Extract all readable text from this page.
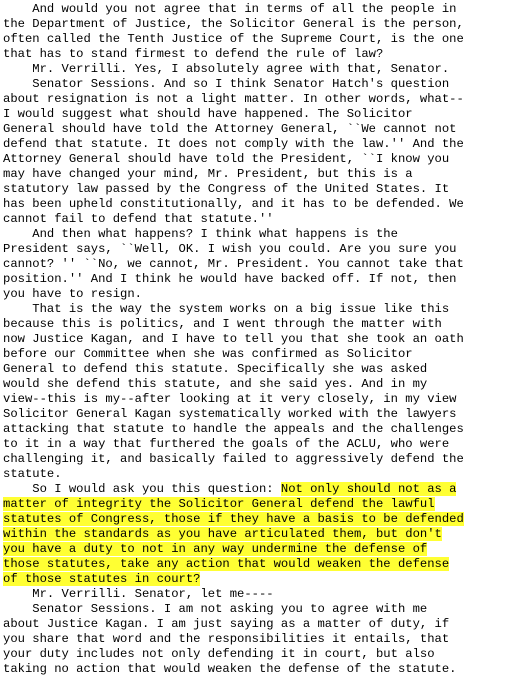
And would you not agree that in terms of all the people in
the Department of Justice, the Solicitor General is the person,
often called the Tenth Justice of the Supreme Court, is the one
that has to stand firmest to defend the rule of law?
Mr. Verrilli. Yes, I absolutely agree with that, Senator.
Senator Sessions. And so I think Senator Hatch's question
about resignation is not a light matter. In other words, what--
I would suggest what should have happened. The Solicitor
General should have told the Attorney General, ``We cannot not
defend that statute. It does not comply with the law.'' And the
Attorney General should have told the President, ``I know you
may have changed your mind, Mr. President, but this is a
statutory law passed by the Congress of the United States. It
has been upheld constitutionally, and it has to be defended. We
cannot fail to defend that statute.''
And then what happens? I think what happens is the
President says, ``Well, OK. I wish you could. Are you sure you
cannot? '' ``No, we cannot, Mr. President. You cannot take that
position.'' And I think he would have backed off. If not, then
you have to resign.
That is the way the system works on a big issue like this
because this is politics, and I went through the matter with
now Justice Kagan, and I have to tell you that she took an oath
before our Committee when she was confirmed as Solicitor
General to defend this statute. Specifically she was asked
would she defend this statute, and she said yes. And in my
view--this is my--after looking at it very closely, in my view
Solicitor General Kagan systematically worked with the lawyers
attacking that statute to handle the appeals and the challenges
to it in a way that furthered the goals of the ACLU, who were
challenging it, and basically failed to aggressively defend the
statute.
So I would ask you this question: Not only should not as a
matter of integrity the Solicitor General defend the lawful
statutes of Congress, those if they have a basis to be defended
within the standards as you have articulated them, but don't
you have a duty to not in any way undermine the defense of
those statutes, take any action that would weaken the defense
of those statutes in court?
Mr. Verrilli. Senator, let me----
Senator Sessions. I am not asking you to agree with me
about Justice Kagan. I am just saying as a matter of duty, if
you share that word and the responsibilities it entails, that
your duty includes not only defending it in court, but also
taking no action that would weaken the defense of the statute.
